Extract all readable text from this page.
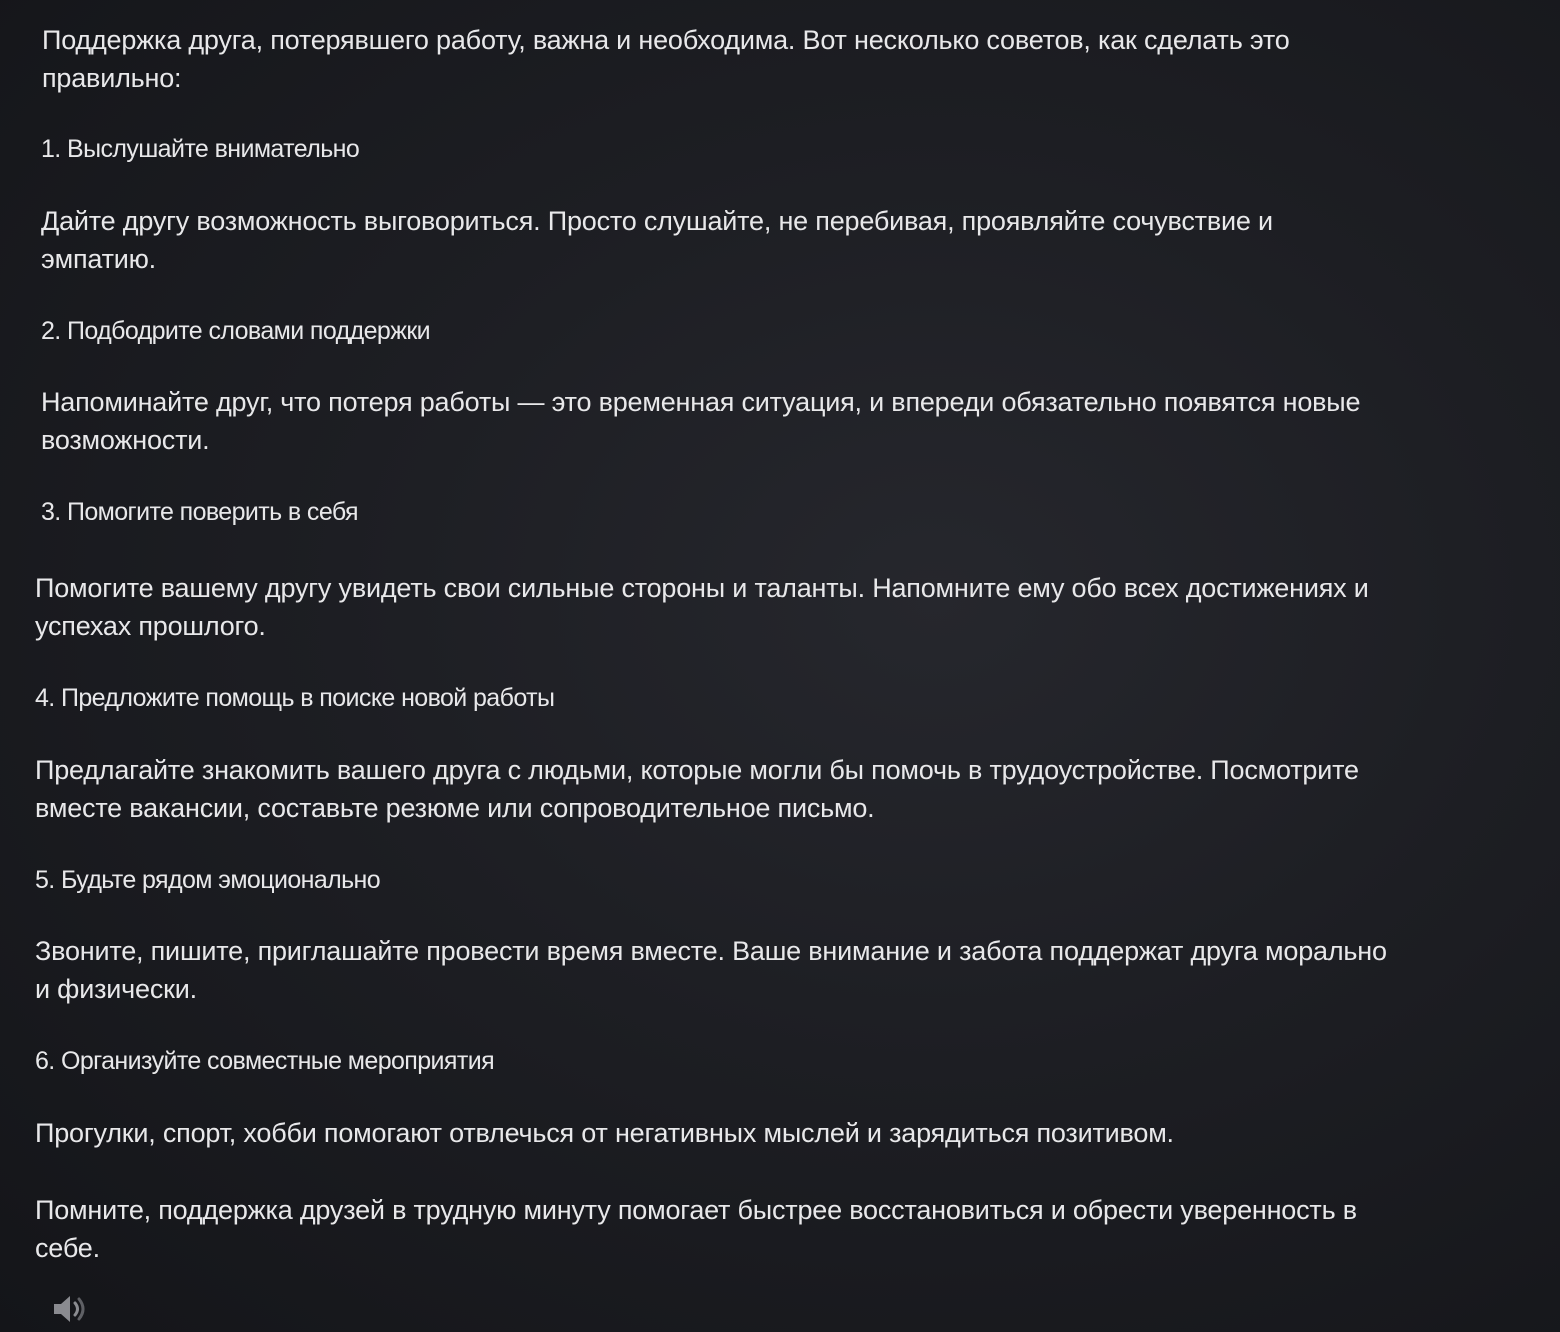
Поддержка друга, потерявшего работу, важна и необходима. Вот несколько советов, как сделать это

правильно:

1. Выслушайте внимательно

Дайте другу возможность выговориться. Просто слушайте, не перебивая, проявляйте сочувствие и

эмпатию.

2. Подбодрите словами поддержки

Напоминайте друг, что потеря работы — это временная ситуация, и впереди обязательно появятся новые

возможности.

3. Помогите поверить в себя

Помогите вашему другу увидеть свои сильные стороны и таланты. Напомните ему обо всех достижениях и

успехах прошлого.

4. Предложите помощь в поиске новой работы

Предлагайте знакомить вашего друга с людьми, которые могли бы помочь в трудоустройстве. Посмотрите

вместе вакансии, составьте резюме или сопроводительное письмо.

5. Будьте рядом эмоционально

Звоните, пишите, приглашайте провести время вместе. Ваше внимание и забота поддержат друга морально

и физически.

6. Организуйте совместные мероприятия

Прогулки, спорт, хобби помогают отвлечься от негативных мыслей и зарядиться позитивом.

Помните, поддержка друзей в трудную минуту помогает быстрее восстановиться и обрести уверенность в

себе.
